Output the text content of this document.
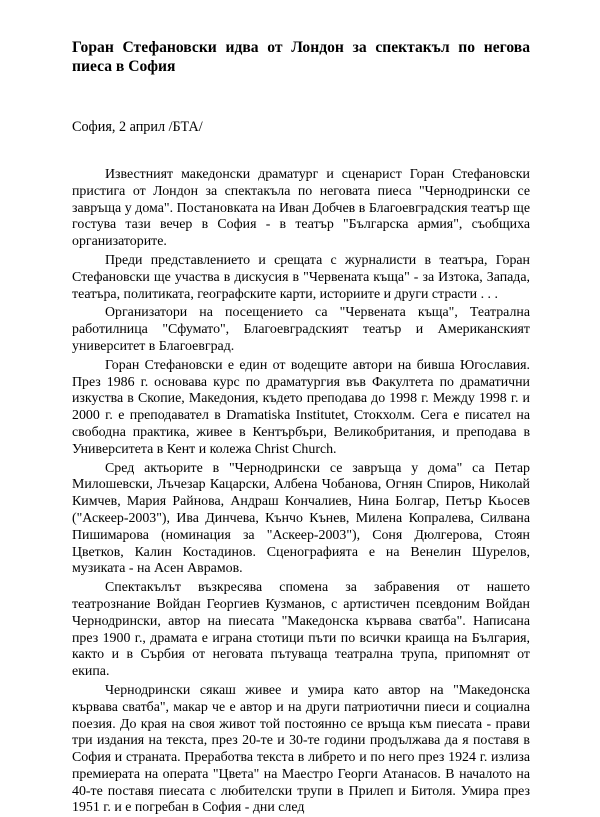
Горан Стефановски идва от Лондон за спектакъл по негова пиеса в София
София, 2 април /БТА/

Известният македонски драматург и сценарист Горан Стефановски пристига от Лондон за спектакъла по неговата пиеса "Чернодрински се завръща у дома". Постановката на Иван Добчев в Благоевградския театър ще гостува тази вечер в София - в театър "Българска армия", съобщиха организаторите.

Преди представлението и срещата с журналисти в театъра, Горан Стефановски ще участва в дискусия в "Червената къща" - за Изтока, Запада, театъра, политиката, географските карти, историите и други страсти . . .

Организатори на посещението са "Червената къща", Театрална работилница "Сфумато", Благоевградският театър и Американският университет в Благоевград.

Горан Стефановски е един от водещите автори на бивша Югославия. През 1986 г. основава курс по драматургия във Факултета по драматични изкуства в Скопие, Македония, където преподава до 1998 г. Между 1998 г. и 2000 г. е преподавател в Dramatiska Institutet, Стокхолм. Сега е писател на свободна практика, живее в Кентърбъри, Великобритания, и преподава в Университета в Кент и колежа Christ Church.

Сред актьорите в "Чернодрински се завръща у дома" са Петар Милошевски, Лъчезар Кацарски, Албена Чобанова, Огнян Спиров, Николай Кимчев, Мария Райнова, Андраш Кончалиев, Нина Болгар, Петър Кьосев ("Аскеер-2003"), Ива Динчева, Кънчо Кънев, Милена Копралева, Силвана Пишимарова (номинация за "Аскеер-2003"), Соня Дюлгерова, Стоян Цветков, Калин Костадинов. Сценографията е на Венелин Шурелов, музиката - на Асен Аврамов.

Спектакълът възкресява спомена за забравения от нашето театрознание Войдан Георгиев Кузманов, с артистичен псевдоним Войдан Чернодрински, автор на пиесата "Македонска кървава сватба". Написана през 1900 г., драмата е играна стотици пъти по всички краища на България, както и в Сърбия от неговата пътуваща театрална трупа, припомнят от екипа.

Чернодрински сякаш живее и умира като автор на "Македонска кървава сватба", макар че е автор и на други патриотични пиеси и социална поезия. До края на своя живот той постоянно се връща към пиесата - прави три издания на текста, през 20-те и 30-те години продължава да я поставя в София и страната. Преработва текста в либрето и по него през 1924 г. излиза премиерата на операта "Цвета" на Маестро Георги Атанасов. В началото на 40-те поставя пиесата с любителски трупи в Прилеп и Битоля. Умира през 1951 г. и е погребан в София - дни след
